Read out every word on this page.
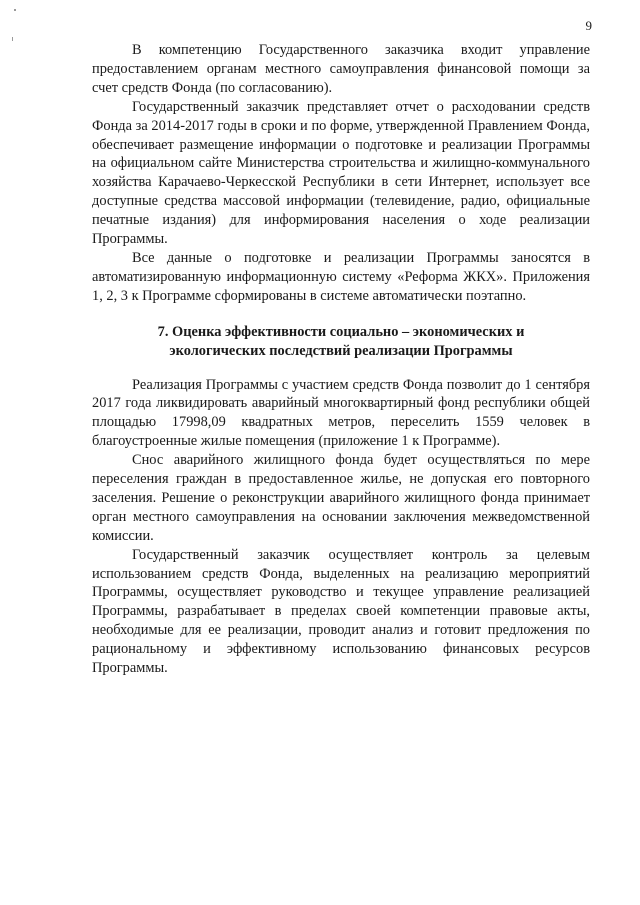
9

В компетенцию Государственного заказчика входит управление предоставлением органам местного самоуправления финансовой помощи за счет средств Фонда (по согласованию).

Государственный заказчик представляет отчет о расходовании средств Фонда за 2014-2017 годы в сроки и по форме, утвержденной Правлением Фонда, обеспечивает размещение информации о подготовке и реализации Программы на официальном сайте Министерства строительства и жилищно-коммунального хозяйства Карачаево-Черкесской Республики в сети Интернет, использует все доступные средства массовой информации (телевидение, радио, официальные печатные издания) для информирования населения о ходе реализации Программы.

Все данные о подготовке и реализации Программы заносятся в автоматизированную информационную систему «Реформа ЖКХ». Приложения 1, 2, 3 к Программе сформированы в системе автоматически поэтапно.

7. Оценка эффективности социально – экономических и экологических последствий реализации Программы

Реализация Программы с участием средств Фонда позволит до 1 сентября 2017 года ликвидировать аварийный многоквартирный фонд республики общей площадью 17998,09 квадратных метров, переселить 1559 человек в благоустроенные жилые помещения (приложение 1 к Программе).

Снос аварийного жилищного фонда будет осуществляться по мере переселения граждан в предоставленное жилье, не допуская его повторного заселения. Решение о реконструкции аварийного жилищного фонда принимает орган местного самоуправления на основании заключения межведомственной комиссии.

Государственный заказчик осуществляет контроль за целевым использованием средств Фонда, выделенных на реализацию мероприятий Программы, осуществляет руководство и текущее управление реализацией Программы, разрабатывает в пределах своей компетенции правовые акты, необходимые для ее реализации, проводит анализ и готовит предложения по рациональному и эффективному использованию финансовых ресурсов Программы.
